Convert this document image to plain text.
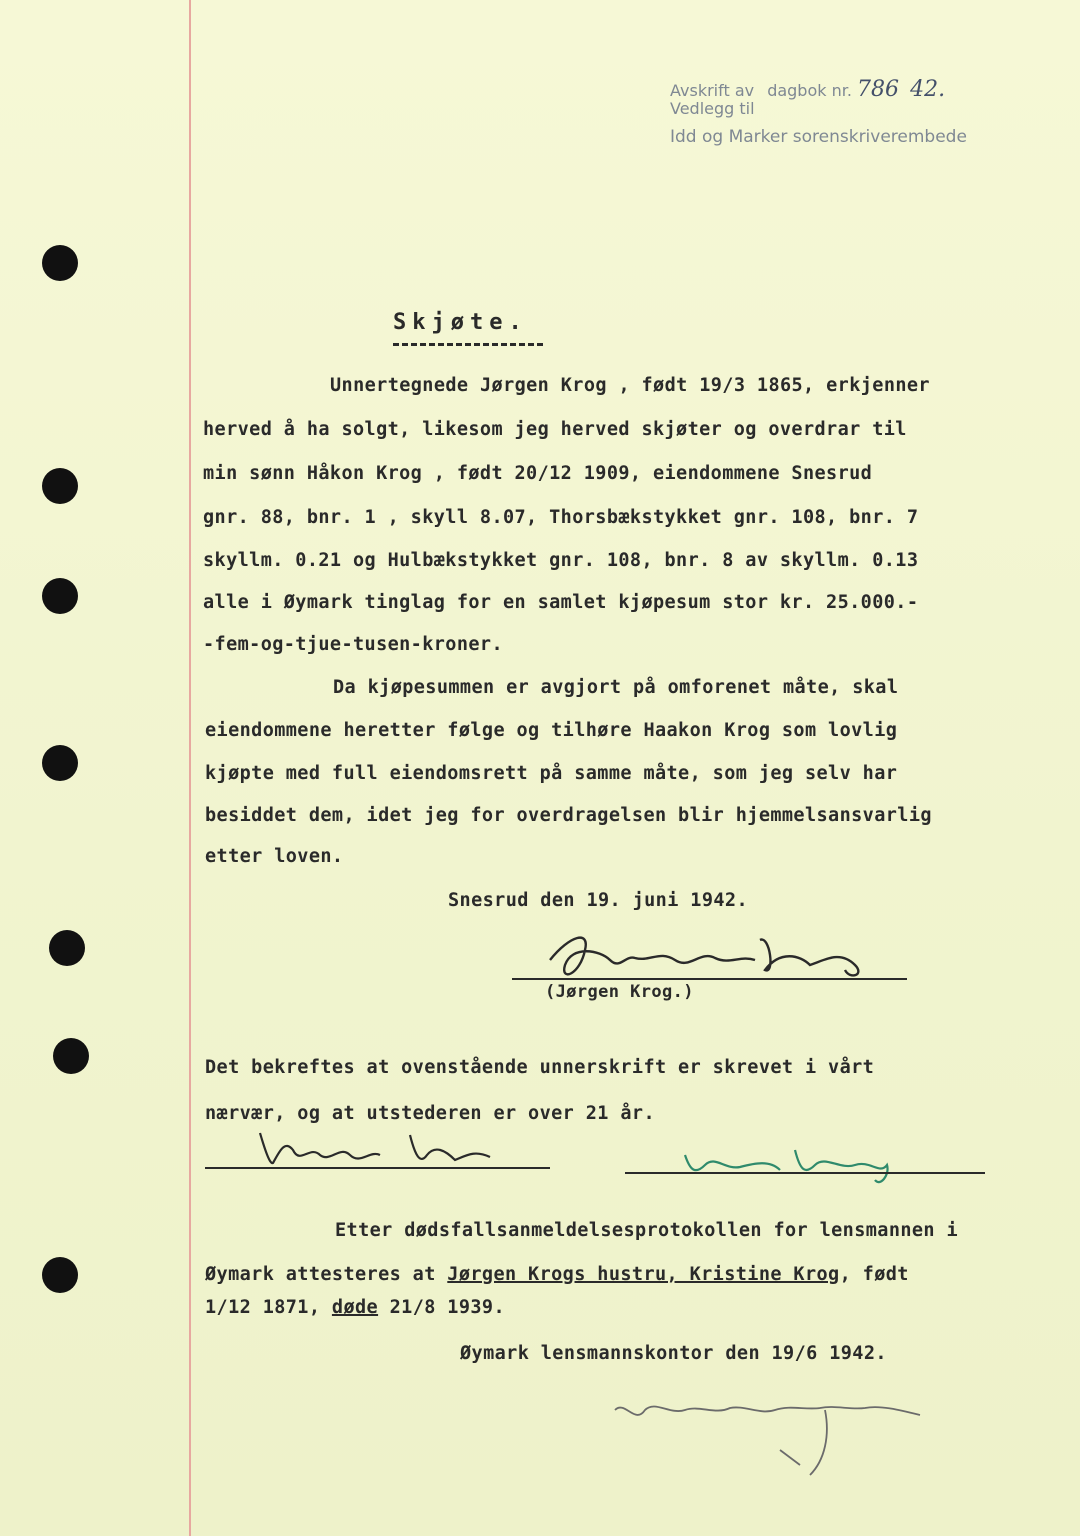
Avskrift av dagbok nr. 786 42.
Vedlegg til
Idd og Marker sorenskriverembede
Skjøte.
Unnertegnede Jørgen Krog , født 19/3 1865, erkjenner
herved å ha solgt, likesom jeg herved skjøter og overdrar til
min sønn Håkon Krog , født 20/12 1909, eiendommene Snesrud
gnr. 88, bnr. 1 , skyll 8.07, Thorsbækstykket gnr. 108, bnr. 7
skyllm. 0.21 og Hulbækstykket gnr. 108, bnr. 8 av skyllm. 0.13
alle i Øymark tinglag for en samlet kjøpesum stor kr. 25.000.-
-fem-og-tjue-tusen-kroner.
Da kjøpesummen er avgjort på omforenet måte, skal
eiendommene heretter følge og tilhøre Haakon Krog som lovlig
kjøpte med full eiendomsrett på samme måte, som jeg selv har
besiddet dem, idet jeg for overdragelsen blir hjemmelsansvarlig
etter loven.
Snesrud den 19. juni 1942.
(Jørgen Krog.)
Det bekreftes at ovenstående unnerskrift er skrevet i vårt
nærvær, og at utstederen er over 21 år.
Etter dødsfallsanmeldelsesprotokollen for lensmannen i
Øymark attesteres at Jørgen Krogs hustru, Kristine Krog, født
1/12 1871, døde 21/8 1939.
Øymark lensmannskontor den 19/6 1942.
